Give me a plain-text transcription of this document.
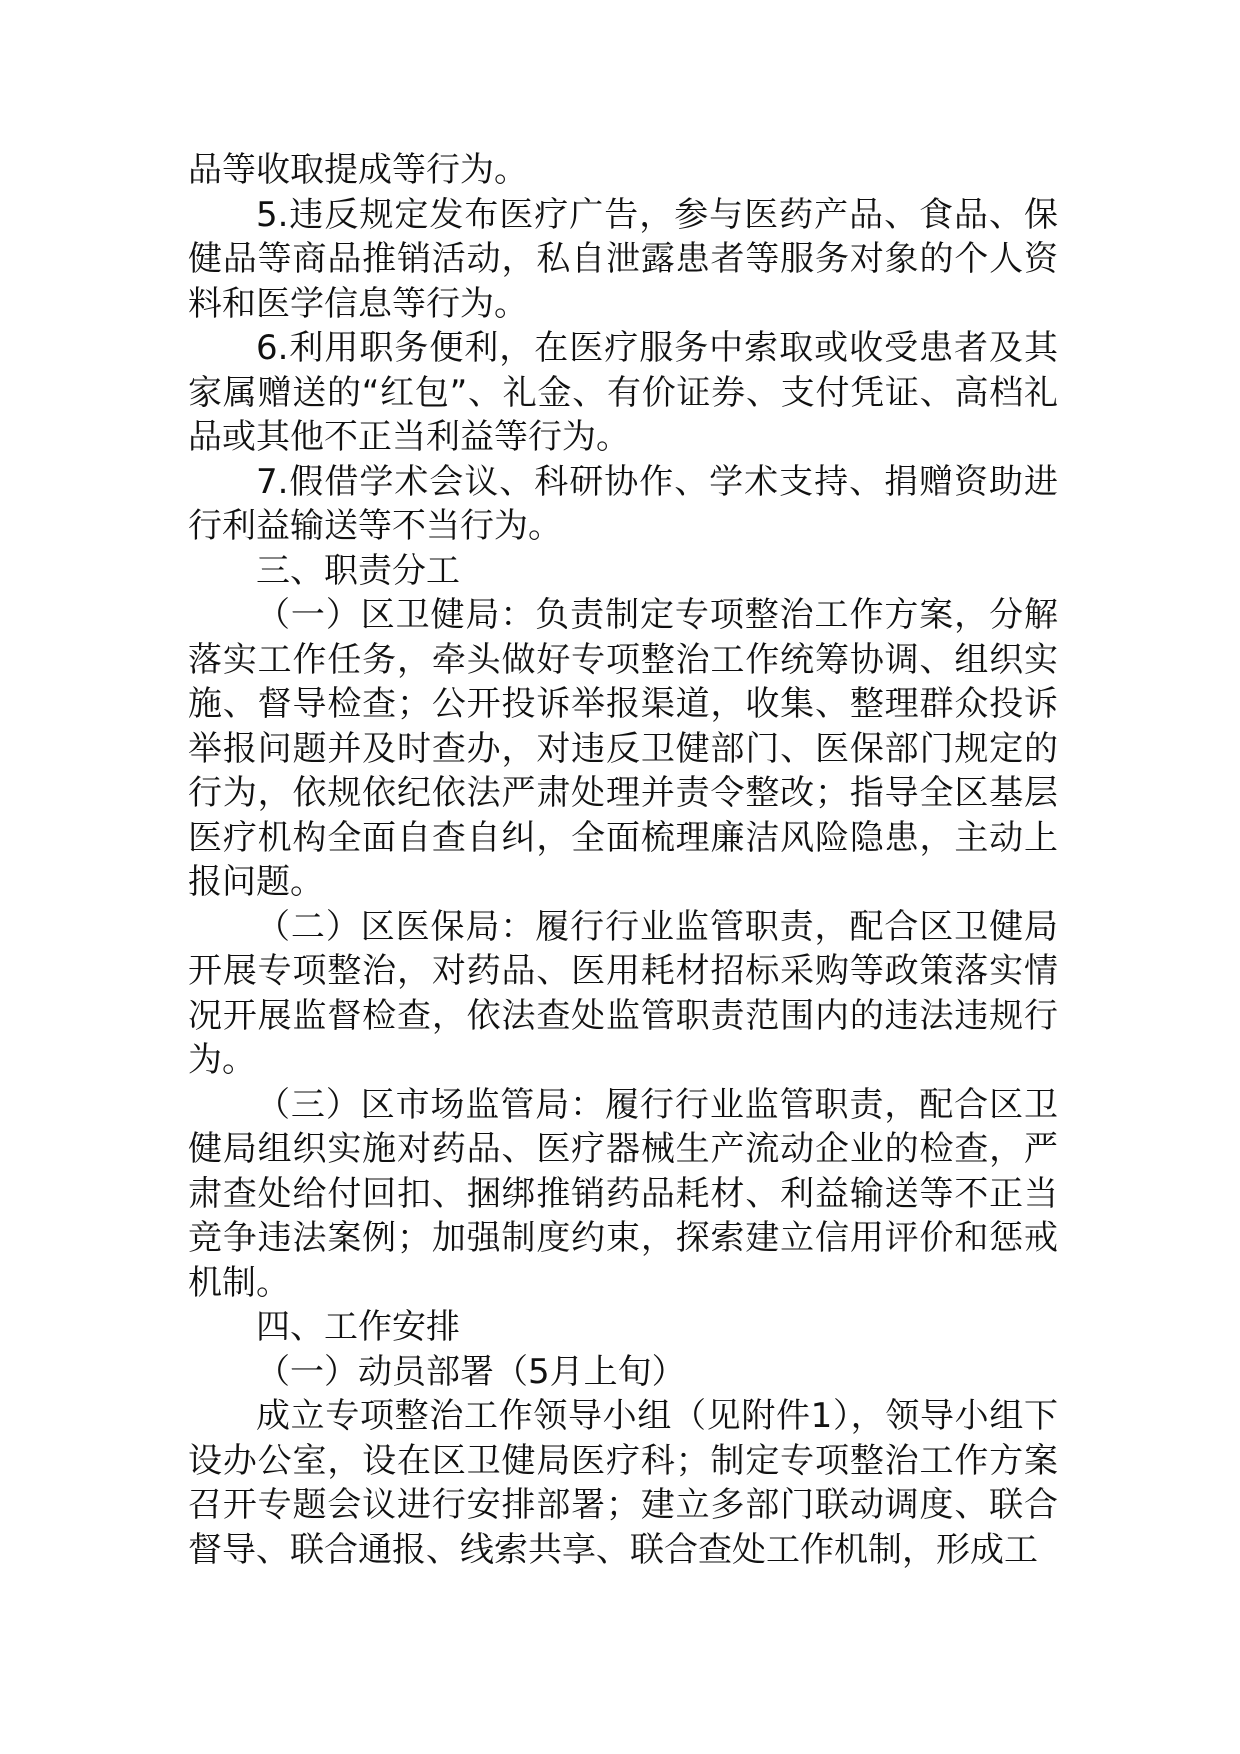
品等收取提成等行为。

5.违反规定发布医疗广告，参与医药产品、食品、保健品等商品推销活动，私自泄露患者等服务对象的个人资料和医学信息等行为。

6.利用职务便利，在医疗服务中索取或收受患者及其家属赠送的“红包”、礼金、有价证券、支付凭证、高档礼品或其他不正当利益等行为。

7.假借学术会议、科研协作、学术支持、捐赠资助进行利益输送等不当行为。

三、职责分工

（一）区卫健局：负责制定专项整治工作方案，分解落实工作任务，牵头做好专项整治工作统筹协调、组织实施、督导检查；公开投诉举报渠道，收集、整理群众投诉举报问题并及时查办，对违反卫健部门、医保部门规定的行为，依规依纪依法严肃处理并责令整改；指导全区基层医疗机构全面自查自纠，全面梳理廉洁风险隐患，主动上报问题。

（二）区医保局：履行行业监管职责，配合区卫健局开展专项整治，对药品、医用耗材招标采购等政策落实情况开展监督检查，依法查处监管职责范围内的违法违规行为。

（三）区市场监管局：履行行业监管职责，配合区卫健局组织实施对药品、医疗器械生产流动企业的检查，严肃查处给付回扣、捆绑推销药品耗材、利益输送等不正当竞争违法案例；加强制度约束，探索建立信用评价和惩戒机制。

四、工作安排

（一）动员部署（5月上旬）

成立专项整治工作领导小组（见附件1），领导小组下设办公室，设在区卫健局医疗科；制定专项整治工作方案召开专题会议进行安排部署；建立多部门联动调度、联合督导、联合通报、线索共享、联合查处工作机制，形成工
